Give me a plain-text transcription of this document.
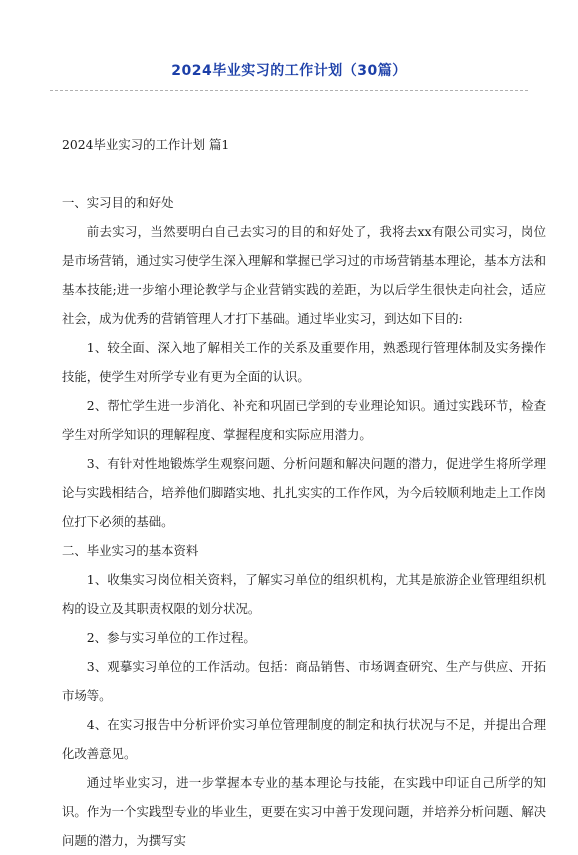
2024毕业实习的工作计划（30篇）

2024毕业实习的工作计划 篇1

一、实习目的和好处

前去实习，当然要明白自己去实习的目的和好处了，我将去xx有限公司实习，岗位是市场营销，通过实习使学生深入理解和掌握已学习过的市场营销基本理论，基本方法和基本技能;进一步缩小理论教学与企业营销实践的差距，为以后学生很快走向社会，适应社会，成为优秀的营销管理人才打下基础。通过毕业实习，到达如下目的:

1、较全面、深入地了解相关工作的关系及重要作用，熟悉现行管理体制及实务操作技能，使学生对所学专业有更为全面的认识。

2、帮忙学生进一步消化、补充和巩固已学到的专业理论知识。通过实践环节，检查学生对所学知识的理解程度、掌握程度和实际应用潜力。

3、有针对性地锻炼学生观察问题、分析问题和解决问题的潜力，促进学生将所学理论与实践相结合，培养他们脚踏实地、扎扎实实的工作作风，为今后较顺利地走上工作岗位打下必须的基础。

二、毕业实习的基本资料

1、收集实习岗位相关资料，了解实习单位的组织机构，尤其是旅游企业管理组织机构的设立及其职责权限的划分状况。

2、参与实习单位的工作过程。

3、观摹实习单位的工作活动。包括：商品销售、市场调查研究、生产与供应、开拓市场等。

4、在实习报告中分析评价实习单位管理制度的制定和执行状况与不足，并提出合理化改善意见。

通过毕业实习，进一步掌握本专业的基本理论与技能，在实践中印证自己所学的知识。作为一个实践型专业的毕业生，更要在实习中善于发现问题，并培养分析问题、解决问题的潜力，为撰写实
